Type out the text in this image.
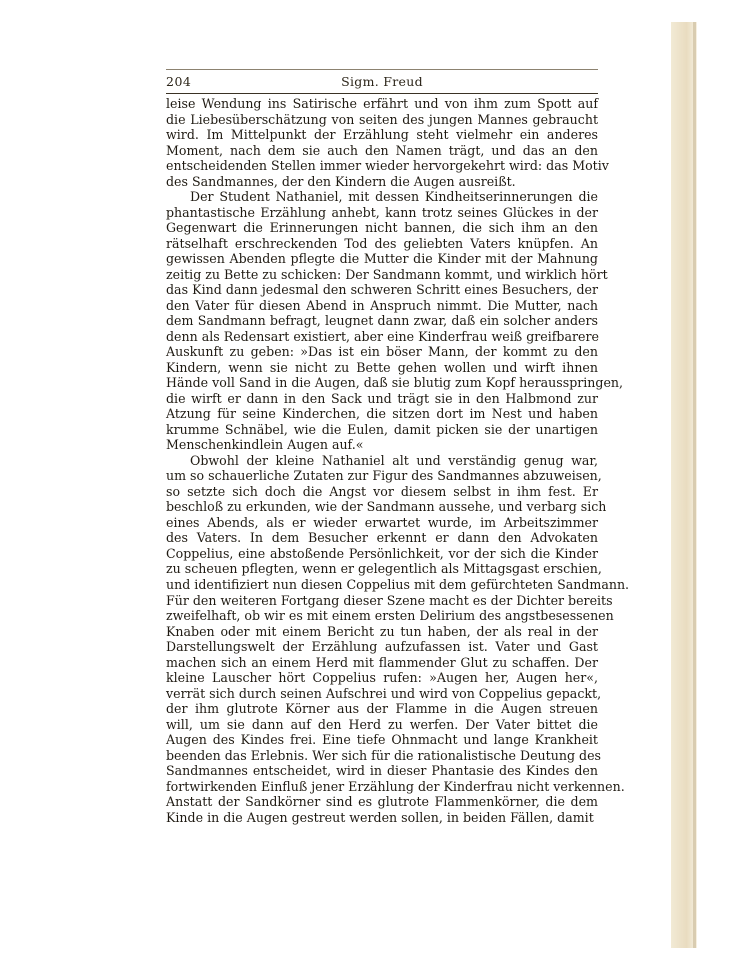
204	Sigm. Freud
leise Wendung ins Satirische erfährt und von ihm zum Spott auf
die Liebesüberschätzung von seiten des jungen Mannes gebraucht
wird. Im Mittelpunkt der Erzählung steht vielmehr ein anderes
Moment, nach dem sie auch den Namen trägt, und das an den
entscheidenden Stellen immer wieder hervorgekehrt wird: das Motiv
des Sandmannes, der den Kindern die Augen ausreißt.
Der Student Nathaniel, mit dessen Kindheitserinnerungen die
phantastische Erzählung anhebt, kann trotz seines Glückes in der
Gegenwart die Erinnerungen nicht bannen, die sich ihm an den
rätselhaft erschreckenden Tod des geliebten Vaters knüpfen. An
gewissen Abenden pflegte die Mutter die Kinder mit der Mahnung
zeitig zu Bette zu schicken: Der Sandmann kommt, und wirklich hört
das Kind dann jedesmal den schweren Schritt eines Besuchers, der
den Vater für diesen Abend in Anspruch nimmt. Die Mutter, nach
dem Sandmann befragt, leugnet dann zwar, daß ein solcher anders
denn als Redensart existiert, aber eine Kinderfrau weiß greifbarere
Auskunft zu geben: »Das ist ein böser Mann, der kommt zu den
Kindern, wenn sie nicht zu Bette gehen wollen und wirft ihnen
Hände voll Sand in die Augen, daß sie blutig zum Kopf herausspringen,
die wirft er dann in den Sack und trägt sie in den Halbmond zur
Atzung für seine Kinderchen, die sitzen dort im Nest und haben
krumme Schnäbel, wie die Eulen, damit picken sie der unartigen
Menschenkindlein Augen auf.«
Obwohl der kleine Nathaniel alt und verständig genug war,
um so schauerliche Zutaten zur Figur des Sandmannes abzuweisen,
so setzte sich doch die Angst vor diesem selbst in ihm fest. Er
beschloß zu erkunden, wie der Sandmann aussehe, und verbarg sich
eines Abends, als er wieder erwartet wurde, im Arbeitszimmer
des Vaters. In dem Besucher erkennt er dann den Advokaten
Coppelius, eine abstoßende Persönlichkeit, vor der sich die Kinder
zu scheuen pflegten, wenn er gelegentlich als Mittagsgast erschien,
und identifiziert nun diesen Coppelius mit dem gefürchteten Sandmann.
Für den weiteren Fortgang dieser Szene macht es der Dichter bereits
zweifelhaft, ob wir es mit einem ersten Delirium des angstbesessenen
Knaben oder mit einem Bericht zu tun haben, der als real in der
Darstellungswelt der Erzählung aufzufassen ist. Vater und Gast
machen sich an einem Herd mit flammender Glut zu schaffen. Der
kleine Lauscher hört Coppelius rufen: »Augen her, Augen her«,
verrät sich durch seinen Aufschrei und wird von Coppelius gepackt,
der ihm glutrote Körner aus der Flamme in die Augen streuen
will, um sie dann auf den Herd zu werfen. Der Vater bittet die
Augen des Kindes frei. Eine tiefe Ohnmacht und lange Krankheit
beenden das Erlebnis. Wer sich für die rationalistische Deutung des
Sandmannes entscheidet, wird in dieser Phantasie des Kindes den
fortwirkenden Einfluß jener Erzählung der Kinderfrau nicht verkennen.
Anstatt der Sandkörner sind es glutrote Flammenkörner, die dem
Kinde in die Augen gestreut werden sollen, in beiden Fällen, damit
